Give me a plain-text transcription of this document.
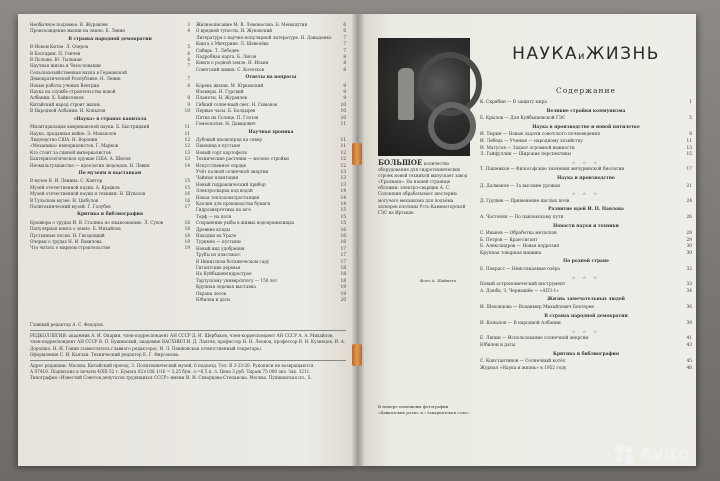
Необычное подземье. В. Журавлев	3
Происхождение жизни на земле. Б. Левин	4
В странах народной демократии
В Новом Китае. Л. Озеров	5
В Болгарии. П. Генчев	6
В Польше. Ю. Тыльман	6
Научная жизнь в Чехословакии	7
Сельскохозяйственная наука в Германской
Демократической Республике. Н. Ленин	7
Новые работы ученых Венгрии	8
Наука на службе строительства новой
Албании. Х. Хайнслеков	8
Китайский народ строит жизнь	9
В Народной Албании. Н. Копылов	10
«Наука» в странах капитала
Милитаризация американской науки. Б. Быстрицкий	11
Наука, проданная войне. Э. Макьюлов	11
Людоедство США. Н. Воронин	12
«Механика» империалистов. Г. Марков	12
Кто стоит за спиной империалистов	13
Бактериологическое оружие США. А. Шилов	13
Неомальтузианство — идеология людоедов. Н. Левин	14
По музеям и выставкам
В музее В. И. Ленина. С. Кантор	15
Музей отечественной науки. А. Крыжов	15
Музей отечественной науки и техники. Н. Шувалов	16
В Тульском музее. Н. Цыбулов	16
Политехнический музей. Г. Голубев	17
Критика и библиография
Брошюра о трудах И. В. Сталина по языкознанию. Л. Сухов	18
Популярная книга о земле. Б. Михайлов	18
Пустынные пески. Н. Гвоздецкий	18
Очерки о трудах Н. И. Вавилова	19
Что читать о мирном строительстве	19
Жизнеописание М. В. Ломоносова. Б. Меньшутин	6
О вредной тупости. Н. Жуковский	6
Литература о научно-популярной литературе. Н. Давыденко	7
Книга о Мичурине. Л. Шевелёва	7
Сибирь. Т. Лебедев	7
Подробная карта. Б. Лисов	8
Книги о родной земле. Н. Ильин	8
Советский химик. С. Кочетков	8
Ответы на вопросы
Корень жизни. М. Юрковский	9
Изомеры. Н. Гурский	9
Планеты. Н. Журавлев	9
Гибкий солнечный свет. Н. Симонов	10
Первые часы. Б. Болдырев	10
Пятна на Солнце. П. Глотов	10
Гомеопатия. Н. Давидович	11
Научная хроника
Дубовый шелкопряд на север	11
Пшеница в пустыне	11
Новый сорт картофеля	12
Технические растения — молоко стройки	12
Искусственное сердце	12
Учёт полной солнечной энергии	13
Чайные плантации	13
Новый гидравлический прибор	13
Электросварка под водой	14
Новая теплоэлектростанция	14
Каолин для производства бумаги	14
Гидроэнергетика на юге	15
Торф — на поля	15
Сохранение рыбы в живых водохранилищах	15
Древние клады	16
Находки на Урале	16
Туркмен — пустыни	16
Новый вид удобрения	17
Трубы из пластмасс	17
В Никитском ботаническом саду	17
Гигантские деревья	18
На Куйбышевгидрострое	18
Тартускому университету — 150 лет	18
Крупная ледовая выставка	19
Охрана лесов	19
Юбилеи и даты	20
Главный редактор А. С. Федоров.
РЕДКОЛЛЕГИЯ: академик А. И. Опарин, член-корреспондент АН СССР Д. И. Щербаков, член-корреспондент АН СССР А. А. Михайлов, член-корреспондент АН СССР В. П. Бушинский, академик ВАСХНИЛ И. Д. Лаптев, профессор Н. Н. Леонов, профессор В. Н. Кузнецов, И. А. Дорошко, Н. И. Ганин (заместитель главного редактора), И. Л. Пешковская (ответственный секретарь).
Оформление С. И. Каплан. Технический редактор Е. Г. Фирсонова.
Адрес редакции: Москва, Китайский проезд, 3. Политехнический музей, 6 подъезд. Тел. В 3-23-20. Рукописи не возвращаются.
А 07410. Подписано к печати 4/XII-52 г. Бумага 82×108 1/16 = 3,25 бум. л.=6,5 п. л. Цена 3 руб. Тираж 75 000 экз. Зак. 3211.
Типография «Известий Советов депутатов трудящихся СССР» имени И. И. Скворцова-Степанова. Москва, Пушкинская пл., 5.
БОЛЬШОЕ количество оборудования для гидротехнических строек новой техникой выпускает завод «Уралмаш». На нашей странице обложки: электро-сварщик А. С. Солоншин обрабатывает шестерню могучего механизма для подъёма затворов плотины Усть-Каменогорской ГЭС на Иртыше.
Фото А. Шайхета
В номере помещены фотографии «Кавказские розы» и «Закарпатская соль».
НАУКАиЖИЗНЬ
Содержание
К. Скрябин — В защиту мира	1
Великие стройки коммунизма
Е. Крылов — Для Куйбышевской ГЭС	5
Наука в производстве и новой пятилетке
И. Тюрин — Новые задачи советского почвоведения	8
И. Лебедь — Ученые — народному хозяйству	11
И. Матусов — Задает огромной важности	13
Л. Гайфуллин — Широкие перспективы	15
☆ ☆ ☆
Т. Пашенков — Философские значения мичуринской биологии	17
Наука и производство
Д. Далманов — За высокие урожаи	21
☆ ☆ ☆
Д. Грушев — Применение кислых почв	24
Развитие идей И. П. Павлова
А. Частоняк — По павловскому пути	26
Новости науки и техники
С. Иванов — Обработка металлов	28
Б. Петров — Кран-гигант	29
Б. Александров — Новая коррозия	30
Крупная товарная машина	30
По родной стране
Е. Покрасс — Неиссякаемые озёра	32
☆ ☆ ☆
Новый астрономический инструмент	33
А. Дзюба, З. Чернышёв — «АПЗ-1»	34
Жизнь замечательных людей
И. Шеховцова — Владимир Михайлович Бехтерев	36
В странах народной демократии
И. Копылов — В народной Албании	39
☆ ☆ ☆
Е. Ляпин — Использование солнечной энергии	41
Юбилеи и даты	43
Критика и библиография
С. Константинов — Солнечный котёл	45
Журнал «Наука и жизнь» в 1952 году	46
Avito
